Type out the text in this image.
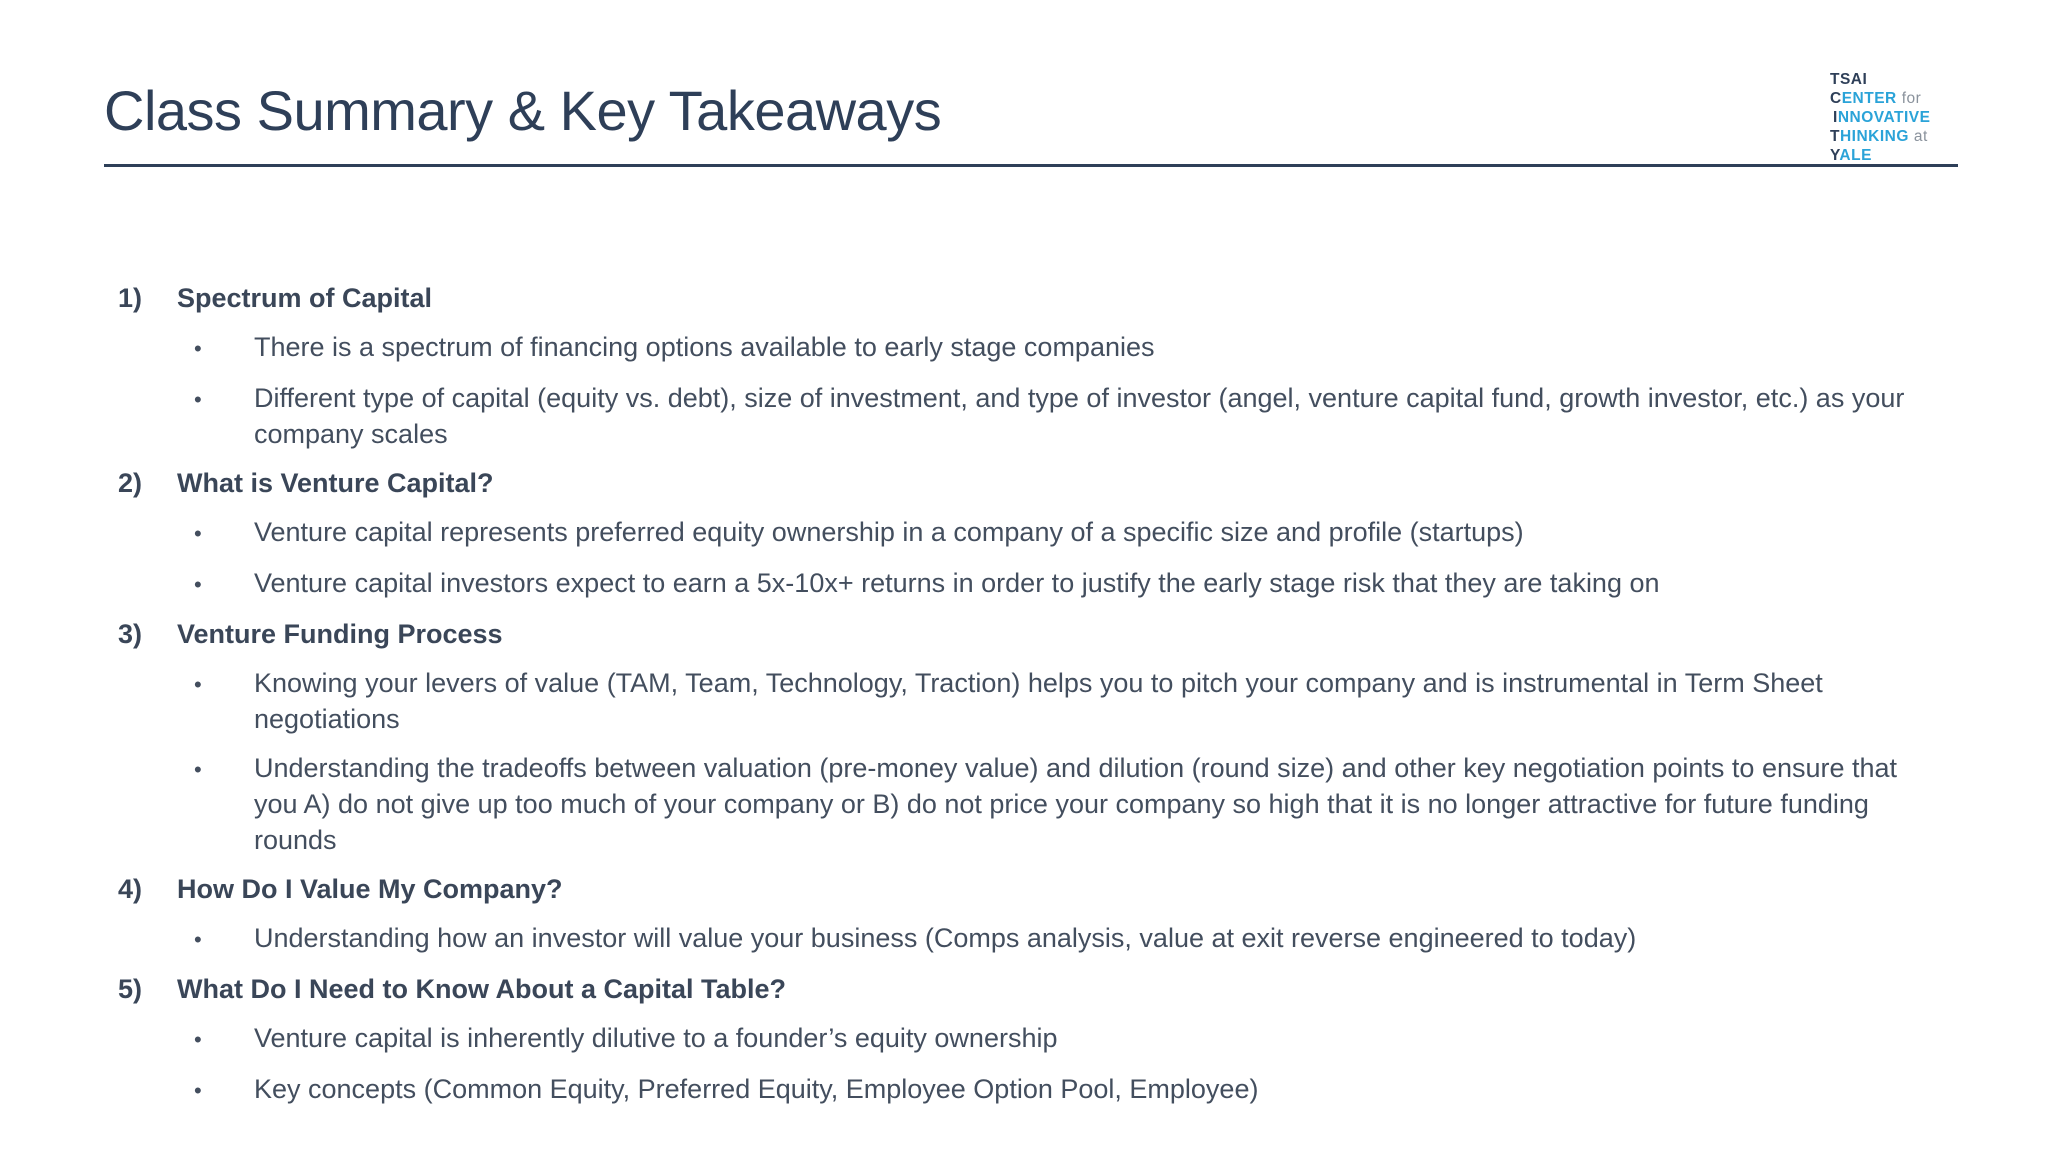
Class Summary & Key Takeaways	TSAI
CENTER for
INNOVATIVE
THINKING at
YALE
1)	Spectrum of Capital
•	There is a spectrum of financing options available to early stage companies
•	Different type of capital (equity vs. debt), size of investment, and type of investor (angel, venture capital fund, growth investor, etc.) as your company scales
2)	What is Venture Capital?
•	Venture capital represents preferred equity ownership in a company of a specific size and profile (startups)
•	Venture capital investors expect to earn a 5x-10x+ returns in order to justify the early stage risk that they are taking on
3)	Venture Funding Process
•	Knowing your levers of value (TAM, Team, Technology, Traction) helps you to pitch your company and is instrumental in Term Sheet negotiations
•	Understanding the tradeoffs between valuation (pre-money value) and dilution (round size) and other key negotiation points to ensure that you A) do not give up too much of your company or B) do not price your company so high that it is no longer attractive for future funding rounds
4)	How Do I Value My Company?
•	Understanding how an investor will value your business (Comps analysis, value at exit reverse engineered to today)
5)	What Do I Need to Know About a Capital Table?
•	Venture capital is inherently dilutive to a founder’s equity ownership
•	Key concepts (Common Equity, Preferred Equity, Employee Option Pool, Employee)
